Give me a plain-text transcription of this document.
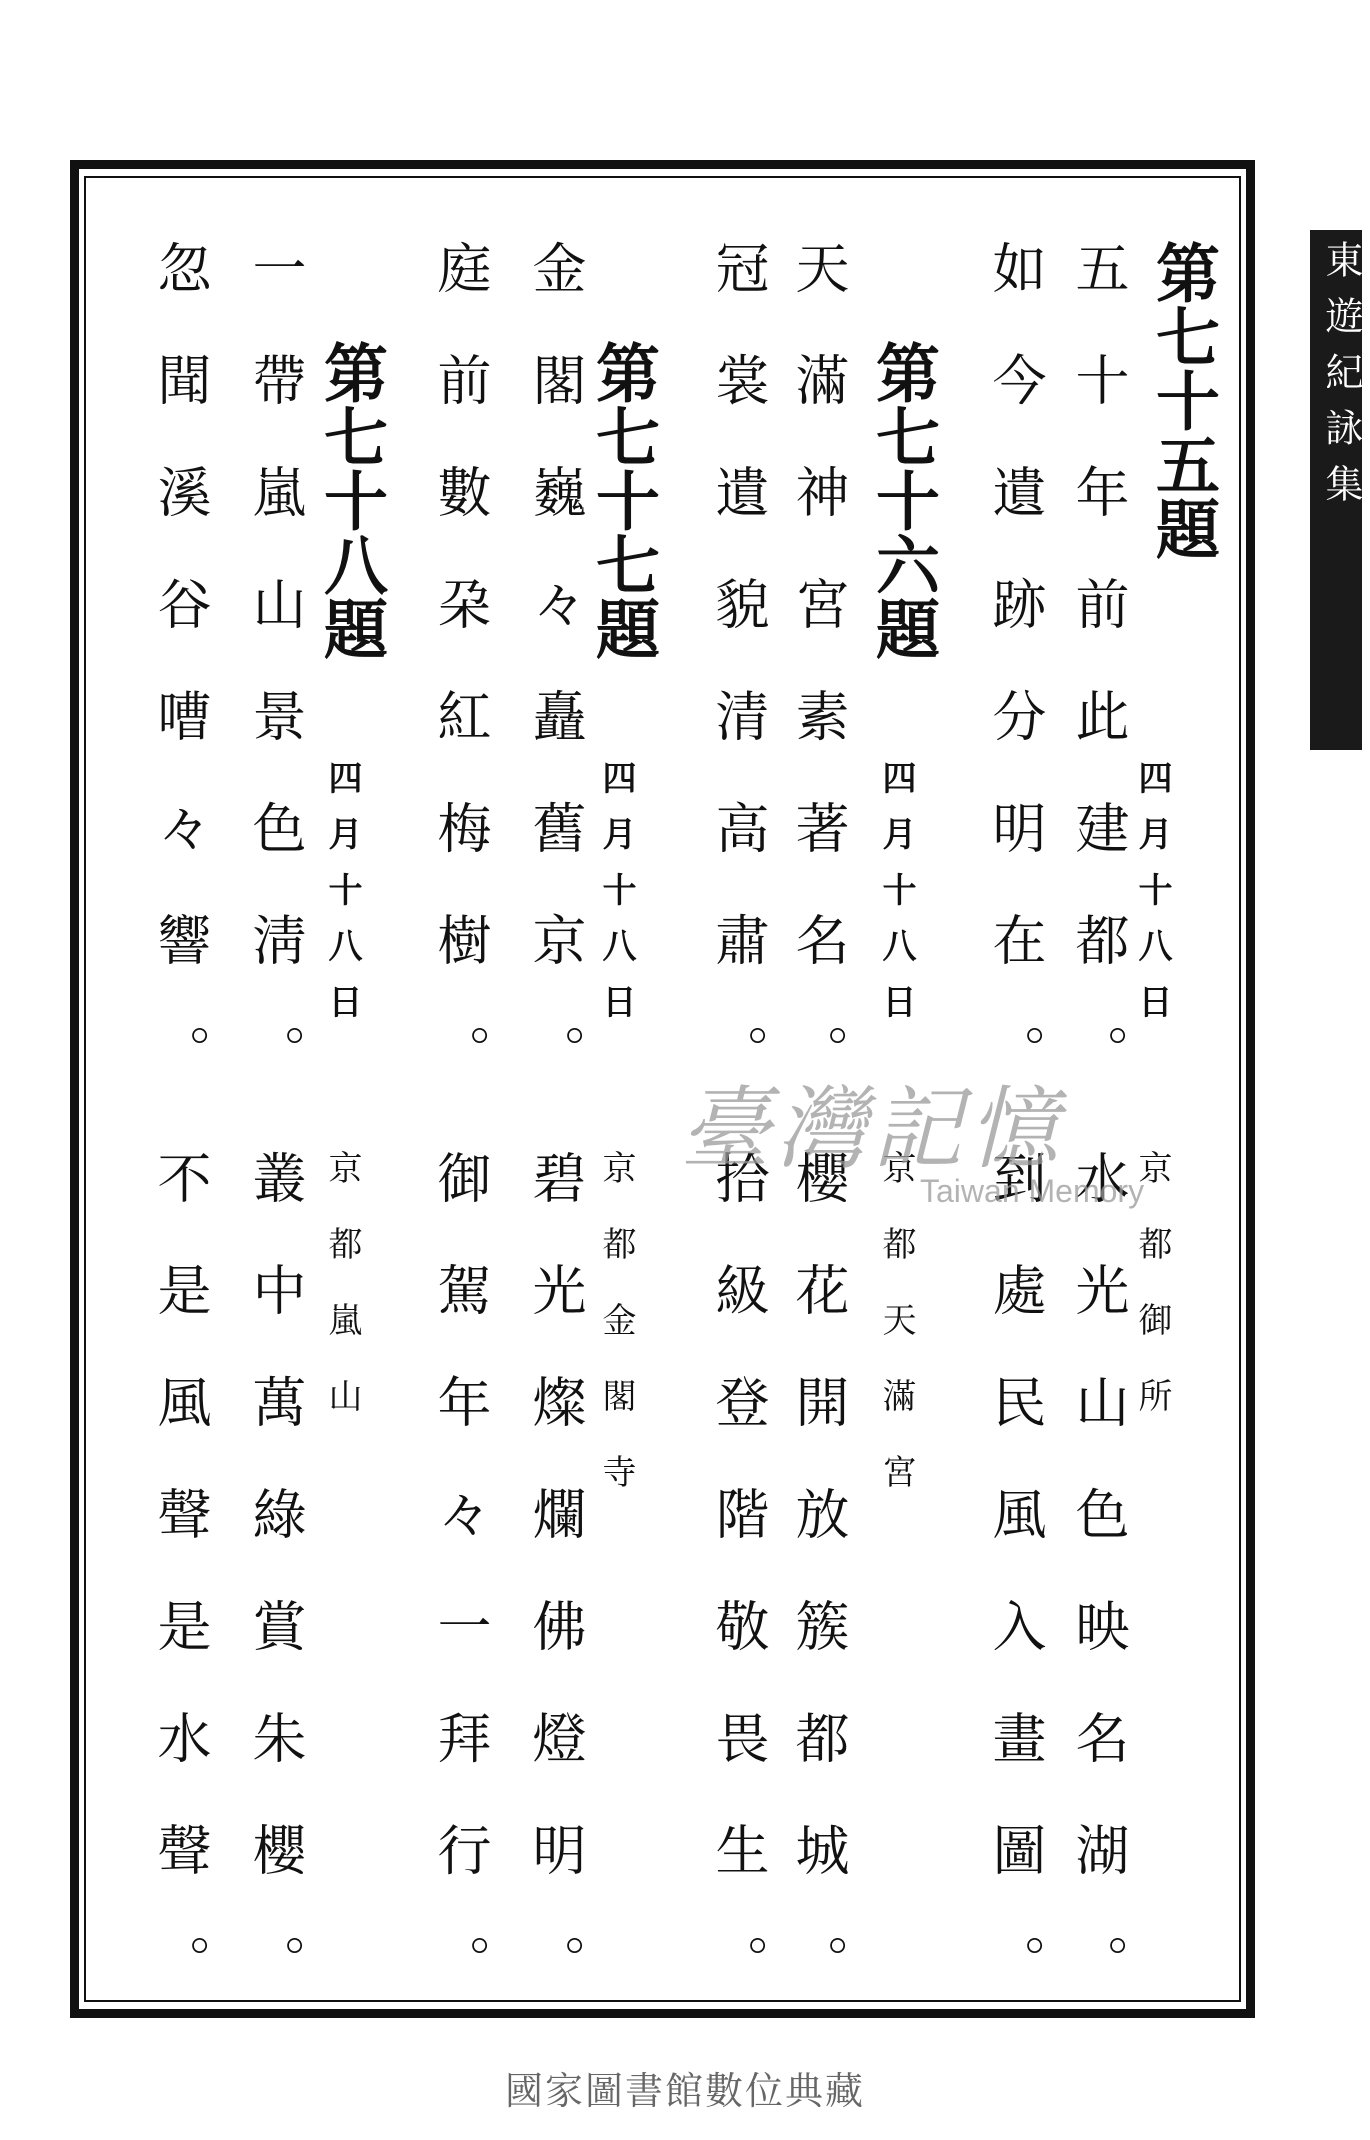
東遊紀詠集
第七十五題
四月十八日
京都御所
五十年前此建都。
水光山色映名湖。
如今遺跡分明在。
到處民風入畫圖。
第七十六題
四月十八日
京都天滿宮
天滿神宮素著名。
櫻花開放簇都城。
冠裳遺貌清高肅。
拾級登階敬畏生。
第七十七題
四月十八日
京都金閣寺
金閣巍々矗舊京。
碧光燦爛佛燈明。
庭前數朶紅梅樹。
御駕年々一拜行。
第七十八題
四月十八日
京都嵐山
一帶嵐山景色淸。
叢中萬綠賞朱櫻。
忽聞溪谷嘈々響。
不是風聲是水聲。
臺灣記憶
Taiwan Memory
國家圖書館數位典藏
